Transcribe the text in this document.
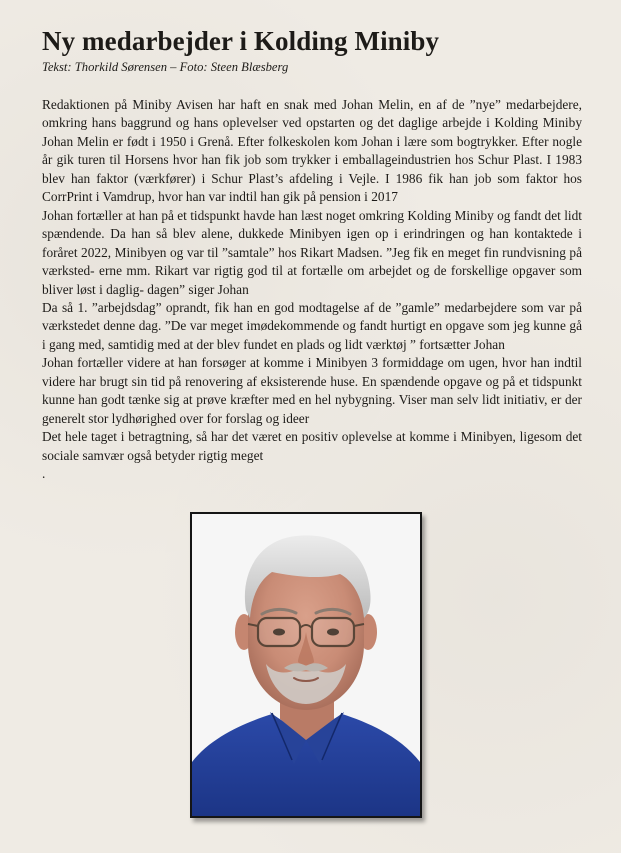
Ny medarbejder i Kolding Miniby

Tekst: Thorkild Sørensen – Foto: Steen Blæsberg

Redaktionen på Miniby Avisen har haft en snak med Johan Melin, en af de ”nye” medarbejdere, omkring hans baggrund og hans oplevelser ved opstarten og det daglige arbejde i Kolding Miniby Johan Melin er født i 1950 i Grenå. Efter folkeskolen kom Johan i lære som bogtrykker. Efter nogle år gik turen til Horsens hvor han fik job som trykker i emballageindustrien hos Schur Plast. I 1983 blev han faktor (værkfører) i Schur Plast’s afdeling i Vejle. I 1986 fik han job som faktor hos CorrPrint i Vamdrup, hvor han var indtil han gik på pension i 2017

Johan fortæller at han på et tidspunkt havde han læst noget omkring Kolding Miniby og fandt det lidt spændende. Da han så blev alene, dukkede Minibyen igen op i erindringen og han kontaktede i foråret 2022, Minibyen og var til ”samtale” hos Rikart Madsen. ”Jeg fik en meget fin rundvisning på værksted- erne mm. Rikart var rigtig god til at fortælle om arbejdet og de forskellige opgaver som bliver løst i daglig- dagen” siger Johan

Da så 1. ”arbejdsdag” oprandt, fik han en god modtagelse af de ”gamle” medarbejdere som var på værkstedet denne dag. ”De var meget imødekommende og fandt hurtigt en opgave som jeg kunne gå i gang med, samtidig med at der blev fundet en plads og lidt værktøj ” fortsætter Johan

Johan fortæller videre at han forsøger at komme i Minibyen 3 formiddage om ugen, hvor han indtil videre har brugt sin tid på renovering af eksisterende huse. En spændende opgave og på et tidspunkt kunne han godt tænke sig at prøve kræfter med en hel nybygning. Viser man selv lidt initiativ, er der generelt stor lydhørighed over for forslag og ideer

Det hele taget i betragtning, så har det været en positiv oplevelse at komme i Minibyen, ligesom det sociale samvær også betyder rigtig meget

.
